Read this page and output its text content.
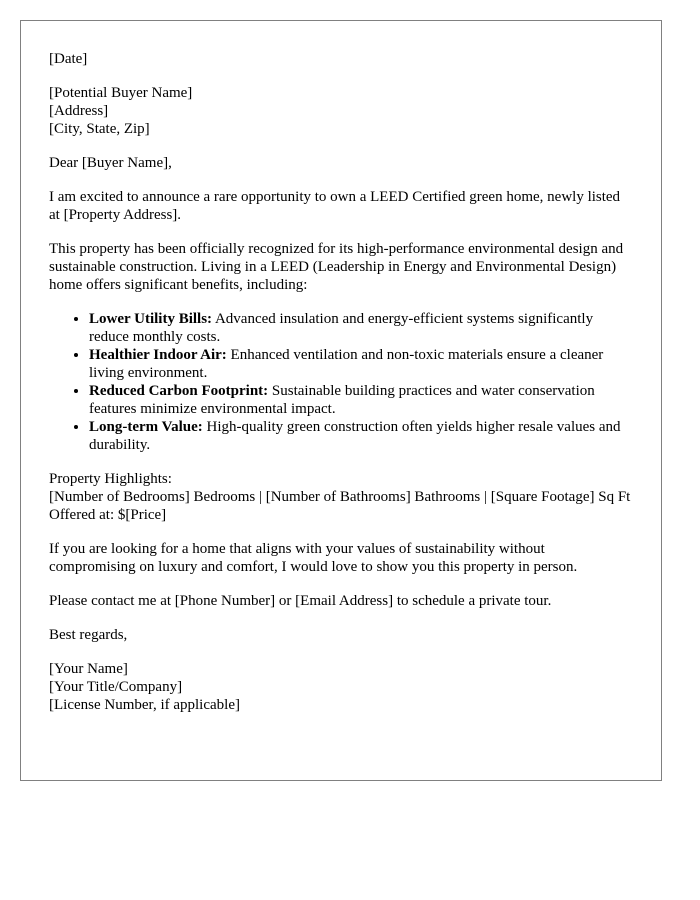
[Date]

[Potential Buyer Name]
[Address]
[City, State, Zip]

Dear [Buyer Name],

I am excited to announce a rare opportunity to own a LEED Certified green home, newly listed at [Property Address].

This property has been officially recognized for its high-performance environmental design and sustainable construction. Living in a LEED (Leadership in Energy and Environmental Design) home offers significant benefits, including:

• Lower Utility Bills: Advanced insulation and energy-efficient systems significantly reduce monthly costs.
• Healthier Indoor Air: Enhanced ventilation and non-toxic materials ensure a cleaner living environment.
• Reduced Carbon Footprint: Sustainable building practices and water conservation features minimize environmental impact.
• Long-term Value: High-quality green construction often yields higher resale values and durability.

Property Highlights:
[Number of Bedrooms] Bedrooms | [Number of Bathrooms] Bathrooms | [Square Footage] Sq Ft
Offered at: $[Price]

If you are looking for a home that aligns with your values of sustainability without compromising on luxury and comfort, I would love to show you this property in person.

Please contact me at [Phone Number] or [Email Address] to schedule a private tour.

Best regards,

[Your Name]
[Your Title/Company]
[License Number, if applicable]
